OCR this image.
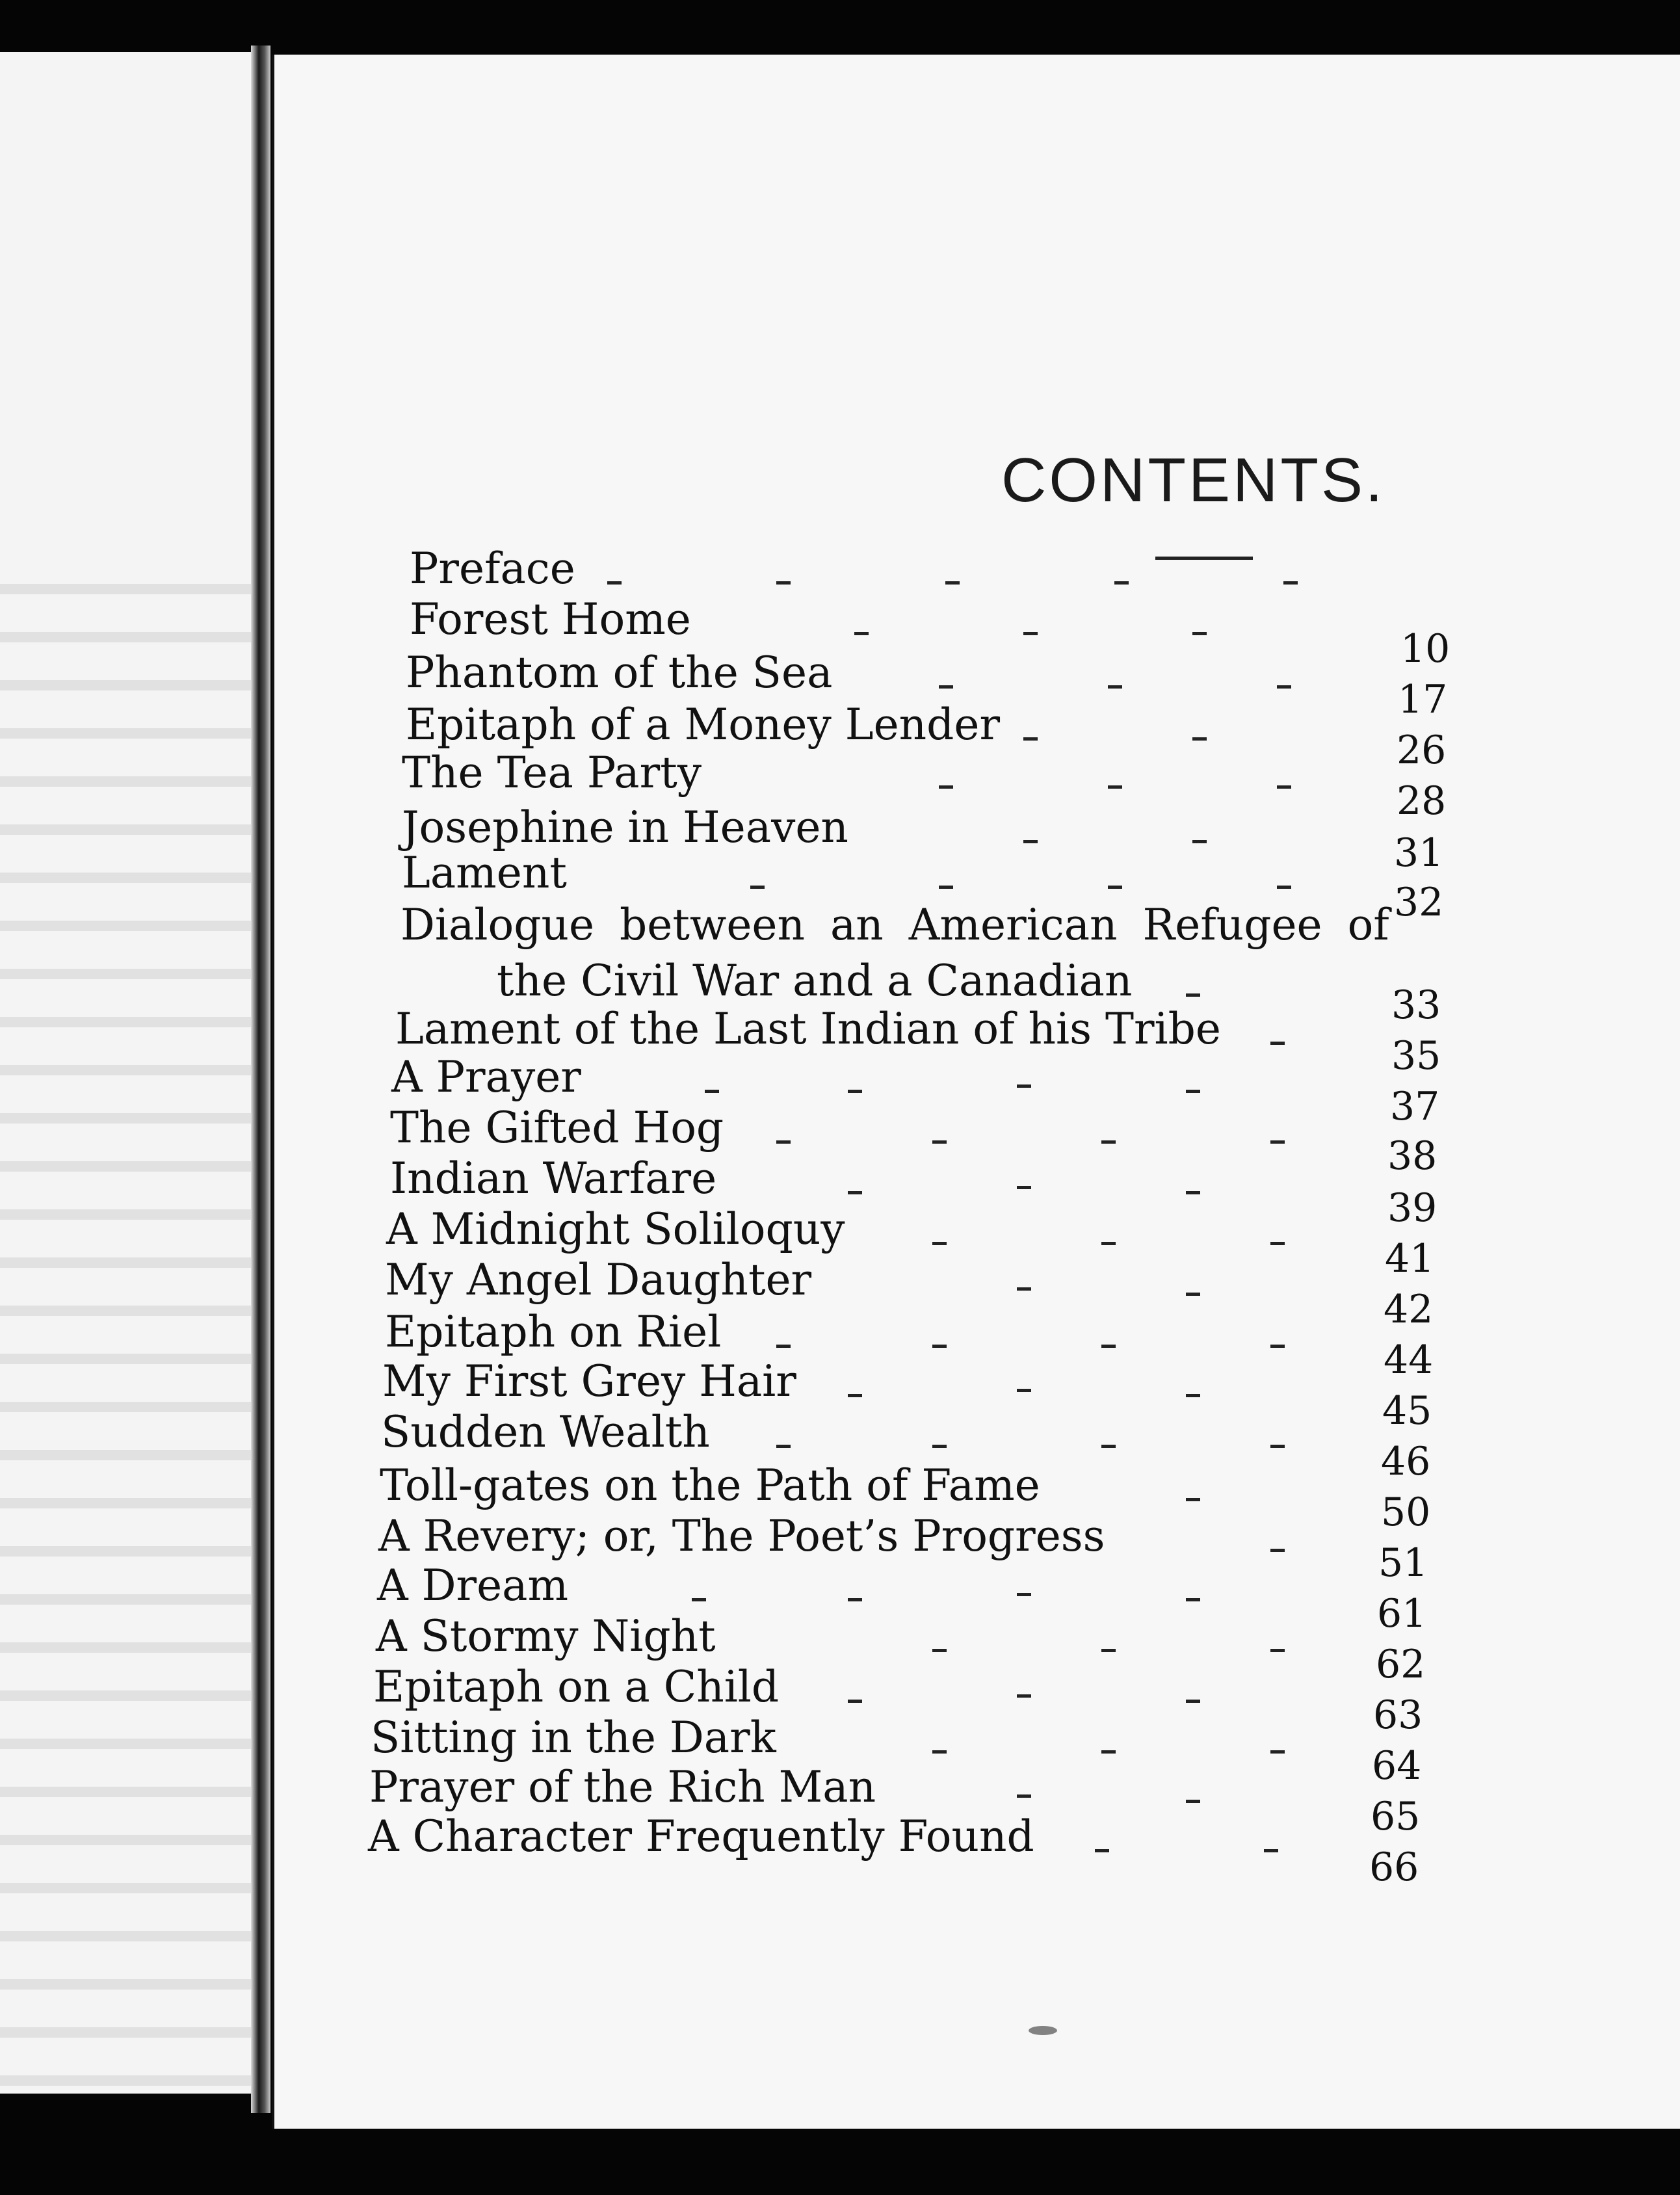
CONTENTS.
Preface
Forest Home
10
Phantom of the Sea
17
Epitaph of a Money Lender
26
The Tea Party
28
Josephine in Heaven
31
Lament
32
Dialogue between an American Refugee of
the Civil War and a Canadian	33
Lament of the Last Indian of his Tribe
35
A Prayer
37
The Gifted Hog
38
Indian Warfare
39
A Midnight Soliloquy
41
My Angel Daughter
42
Epitaph on Riel
44
My First Grey Hair
45
Sudden Wealth
46
Toll-gates on the Path of Fame
50
A Revery; or, The Poet’s Progress
51
A Dream
61
A Stormy Night
62
Epitaph on a Child
63
Sitting in the Dark
64
Prayer of the Rich Man
65
A Character Frequently Found
66
